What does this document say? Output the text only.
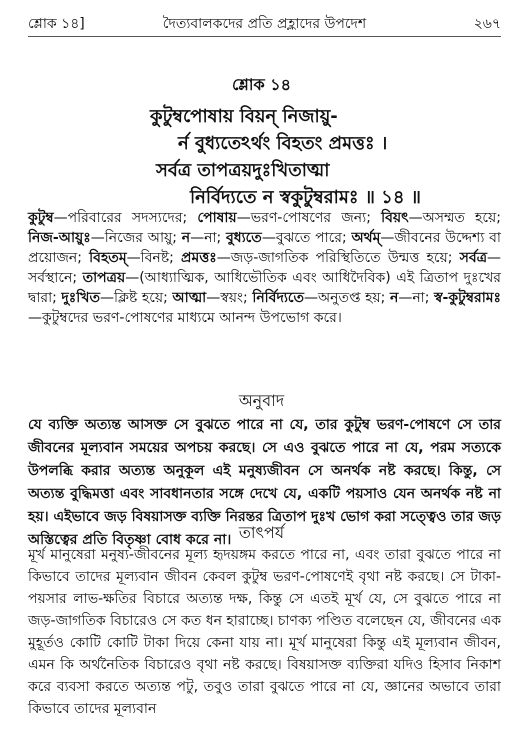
শ্লোক ১৪]	দৈত্যবালকদের প্রতি প্রহ্লাদের উপদেশ	২৬৭
শ্লোক ১৪
কুটুম্বপোষায় বিয়ন্ নিজায়ু-
র্ন বুধ্যতেঽর্থং বিহতং প্রমত্তঃ ।
সর্বত্র তাপত্রয়দুঃখিতাত্মা
নির্বিদ্যতে ন স্বকুটুম্বরামঃ ॥ ১৪ ॥
কুটুম্ব—পরিবারের সদস্যদের; পোষায়—ভরণ-পোষণের জন্য; বিয়ৎ—অসম্মত হয়ে; নিজ-আয়ুঃ—নিজের আয়ু; ন—না; বুধ্যতে—বুঝতে পারে; অর্থম্—জীবনের উদ্দেশ্য বা প্রয়োজন; বিহতম্—বিনষ্ট; প্রমত্তঃ—জড়-জাগতিক পরিস্থিতিতে উন্মত্ত হয়ে; সর্বত্র—সর্বস্থানে; তাপত্রয়—(আধ্যাত্মিক, আধিভৌতিক এবং আধিদৈবিক) এই ত্রিতাপ দুঃখের দ্বারা; দুঃখিত—ক্লিষ্ট হয়ে; আত্মা—স্বয়ং; নির্বিদ্যতে—অনুতপ্ত হয়; ন—না; স্ব-কুটুম্বরামঃ—কুটুম্বদের ভরণ-পোষণের মাধ্যমে আনন্দ উপভোগ করে।
অনুবাদ
যে ব্যক্তি অত্যন্ত আসক্ত সে বুঝতে পারে না যে, তার কুটুম্ব ভরণ-পোষণে সে তার জীবনের মূল্যবান সময়ের অপচয় করছে। সে এও বুঝতে পারে না যে, পরম সত্যকে উপলব্ধি করার অত্যন্ত অনুকূল এই মনুষ্যজীবন সে অনর্থক নষ্ট করছে। কিন্তু, সে অত্যন্ত বুদ্ধিমত্তা এবং সাবধানতার সঙ্গে দেখে যে, একটি পয়সাও যেন অনর্থক নষ্ট না হয়। এইভাবে জড় বিষয়াসক্ত ব্যক্তি নিরন্তর ত্রিতাপ দুঃখ ভোগ করা সত্ত্বেও তার জড় অস্তিত্বের প্রতি বিতৃষ্ণা বোধ করে না। তাৎপর্য
মূর্খ মানুষেরা মনুষ্য-জীবনের মূল্য হৃদয়ঙ্গম করতে পারে না, এবং তারা বুঝতে পারে না কিভাবে তাদের মূল্যবান জীবন কেবল কুটুম্ব ভরণ-পোষণেই বৃথা নষ্ট করছে। সে টাকা-পয়সার লাভ-ক্ষতির বিচারে অত্যন্ত দক্ষ, কিন্তু সে এতই মূর্খ যে, সে বুঝতে পারে না জড়-জাগতিক বিচারেও সে কত ধন হারাচ্ছে। চাণক্য পণ্ডিত বলেছেন যে, জীবনের এক মুহূর্তও কোটি কোটি টাকা দিয়ে কেনা যায় না। মূর্খ মানুষেরা কিন্তু এই মূল্যবান জীবন, এমন কি অর্থনৈতিক বিচারেও বৃথা নষ্ট করছে। বিষয়াসক্ত ব্যক্তিরা যদিও হিসাব নিকাশ করে ব্যবসা করতে অত্যন্ত পটু, তবুও তারা বুঝতে পারে না যে, জ্ঞানের অভাবে তারা কিভাবে তাদের মূল্যবান
